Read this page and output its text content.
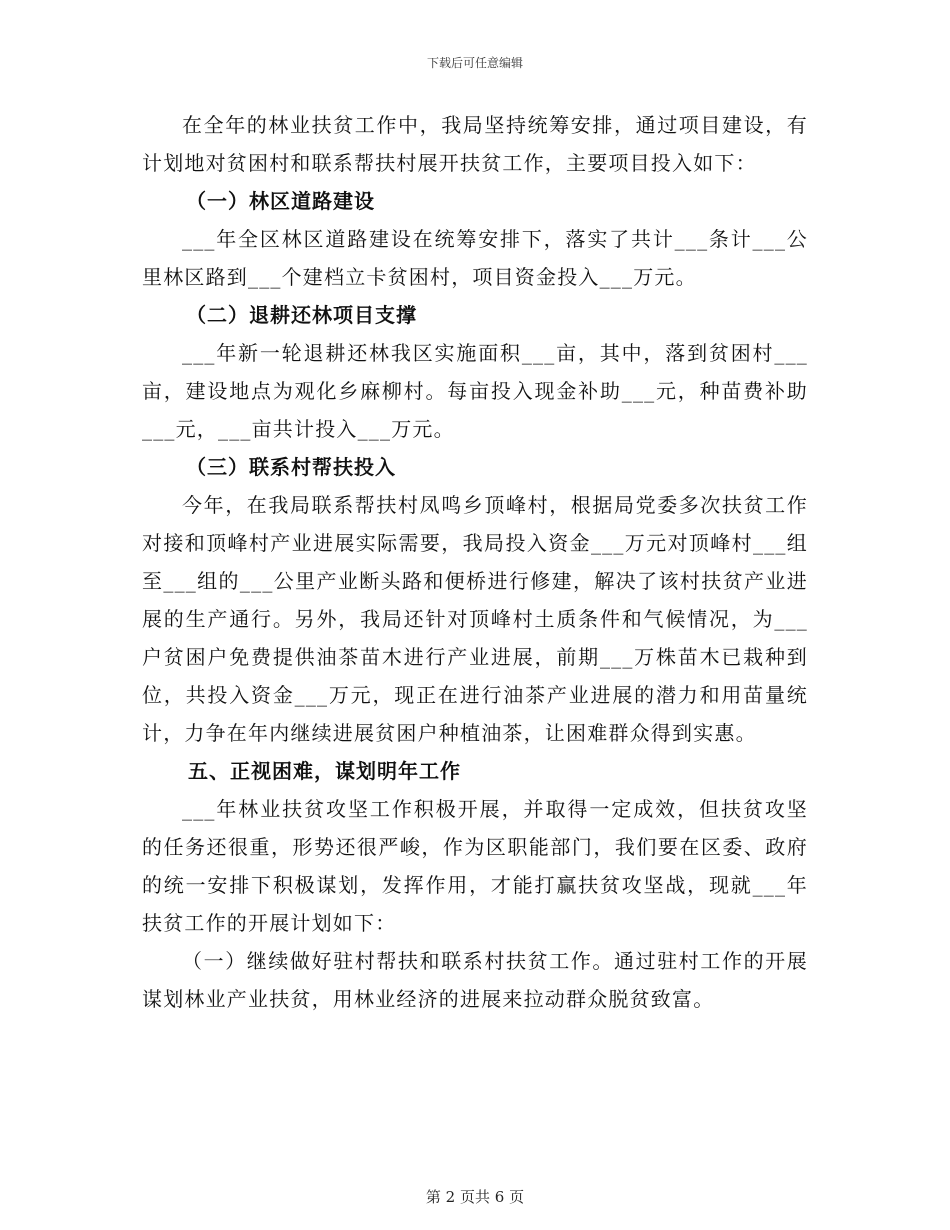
下载后可任意编辑

在全年的林业扶贫工作中，我局坚持统筹安排，通过项目建设，有计划地对贫困村和联系帮扶村展开扶贫工作，主要项目投入如下：

（一）林区道路建设

___年全区林区道路建设在统筹安排下，落实了共计___条计___公里林区路到___个建档立卡贫困村，项目资金投入___万元。

（二）退耕还林项目支撑

___年新一轮退耕还林我区实施面积___亩，其中，落到贫困村___亩，建设地点为观化乡麻柳村。每亩投入现金补助___元，种苗费补助___元，___亩共计投入___万元。

（三）联系村帮扶投入

今年，在我局联系帮扶村凤鸣乡顶峰村，根据局党委多次扶贫工作对接和顶峰村产业进展实际需要，我局投入资金___万元对顶峰村___组至___组的___公里产业断头路和便桥进行修建，解决了该村扶贫产业进展的生产通行。另外，我局还针对顶峰村土质条件和气候情况，为___户贫困户免费提供油茶苗木进行产业进展，前期___万株苗木已栽种到位，共投入资金___万元，现正在进行油茶产业进展的潜力和用苗量统计，力争在年内继续进展贫困户种植油茶，让困难群众得到实惠。

五、正视困难，谋划明年工作

___年林业扶贫攻坚工作积极开展，并取得一定成效，但扶贫攻坚的任务还很重，形势还很严峻，作为区职能部门，我们要在区委、政府的统一安排下积极谋划，发挥作用，才能打赢扶贫攻坚战，现就___年扶贫工作的开展计划如下：

（一）继续做好驻村帮扶和联系村扶贫工作。通过驻村工作的开展谋划林业产业扶贫，用林业经济的进展来拉动群众脱贫致富。

第 2 页共 6 页
